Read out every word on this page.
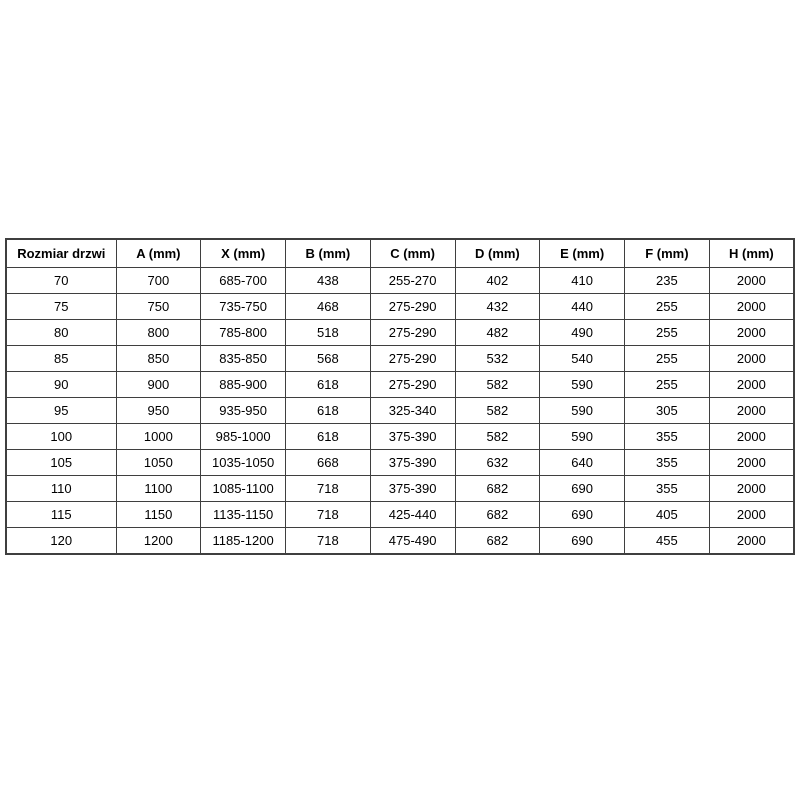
Rozmiar drzwi	A (mm)	X (mm)	B (mm)	C (mm)	D (mm)	E (mm)	F (mm)	H (mm)
70	700	685-700	438	255-270	402	410	235	2000
75	750	735-750	468	275-290	432	440	255	2000
80	800	785-800	518	275-290	482	490	255	2000
85	850	835-850	568	275-290	532	540	255	2000
90	900	885-900	618	275-290	582	590	255	2000
95	950	935-950	618	325-340	582	590	305	2000
100	1000	985-1000	618	375-390	582	590	355	2000
105	1050	1035-1050	668	375-390	632	640	355	2000
110	1100	1085-1100	718	375-390	682	690	355	2000
115	1150	1135-1150	718	425-440	682	690	405	2000
120	1200	1185-1200	718	475-490	682	690	455	2000
